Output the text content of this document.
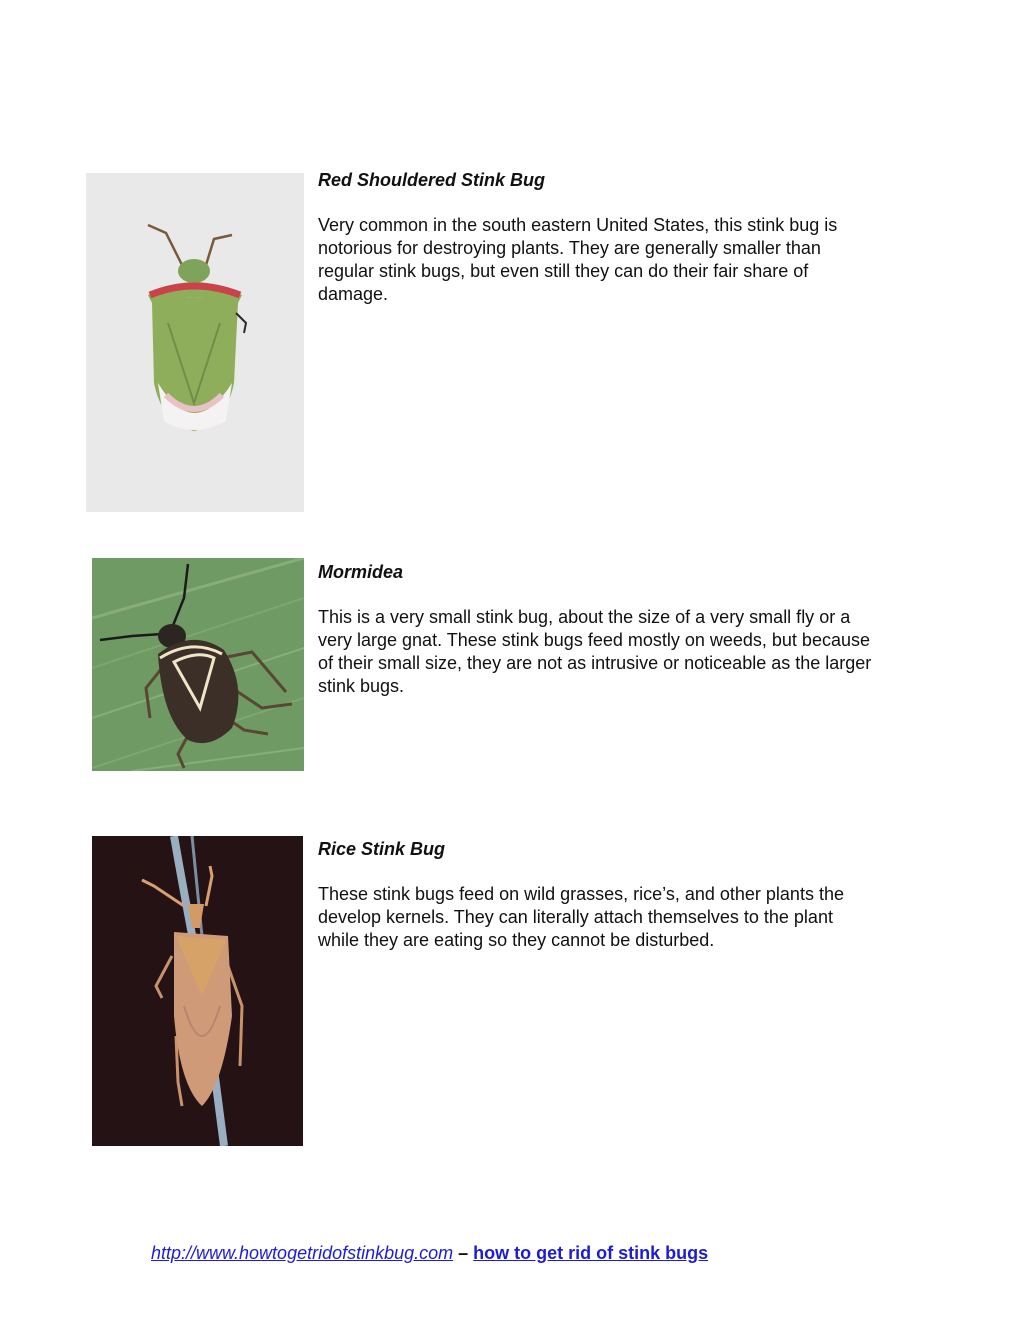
Red Shouldered Stink Bug

Very common in the south eastern United States, this stink bug is notorious for destroying plants. They are generally smaller than regular stink bugs, but even still they can do their fair share of damage.

Mormidea

This is a very small stink bug, about the size of a very small fly or a very large gnat. These stink bugs feed mostly on weeds, but because of their small size, they are not as intrusive or noticeable as the larger stink bugs.

Rice Stink Bug

These stink bugs feed on wild grasses, rice’s, and other plants the develop kernels. They can literally attach themselves to the plant while they are eating so they cannot be disturbed.

http://www.howtogetridofstinkbug.com – how to get rid of stink bugs
